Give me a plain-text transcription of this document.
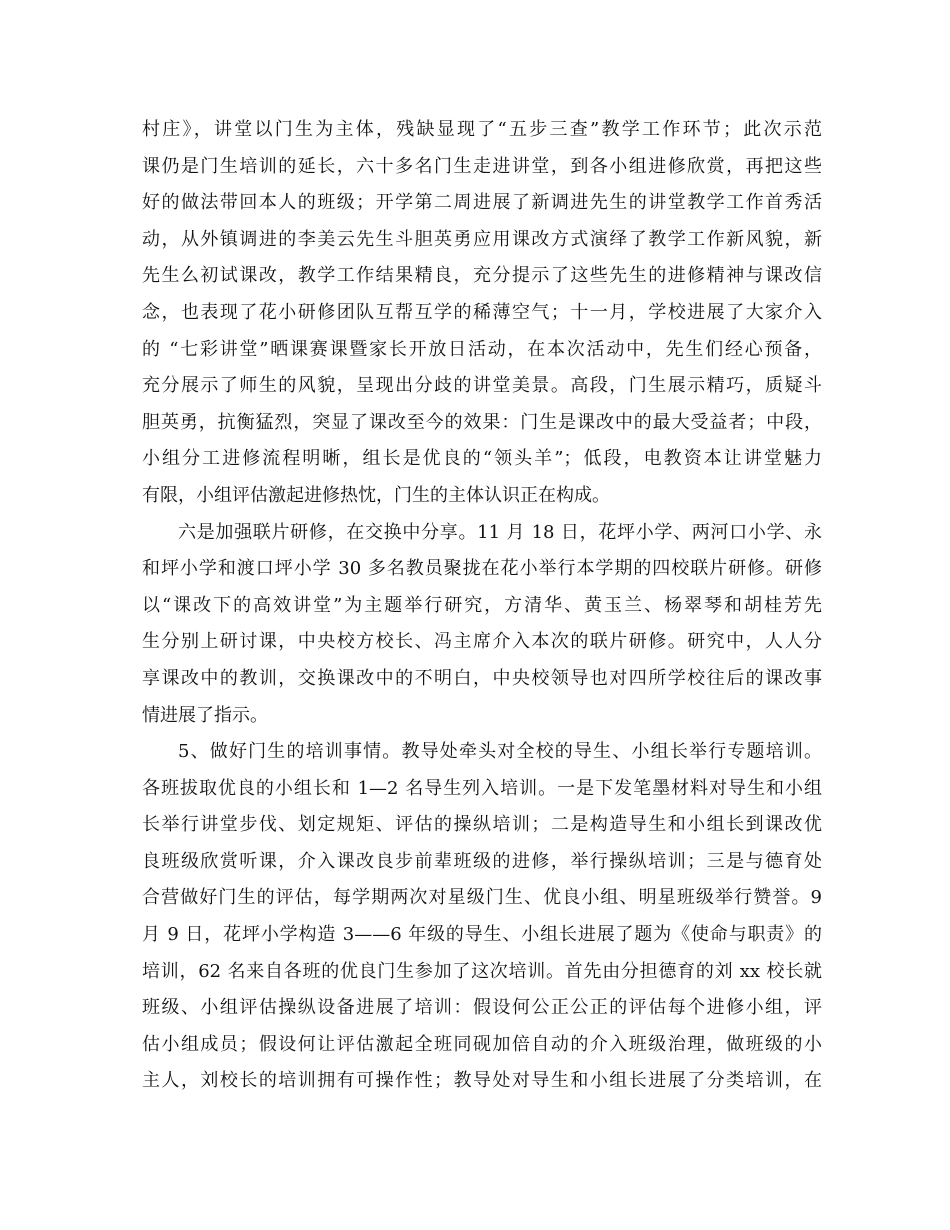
村庄》，讲堂以门生为主体，残缺显现了“五步三查”教学工作环节；此次示范
课仍是门生培训的延长，六十多名门生走进讲堂，到各小组进修欣赏，再把这些
好的做法带回本人的班级；开学第二周进展了新调进先生的讲堂教学工作首秀活
动，从外镇调进的李美云先生斗胆英勇应用课改方式演绎了教学工作新风貌，新
先生么初试课改，教学工作结果精良，充分提示了这些先生的进修精神与课改信
念，也表现了花小研修团队互帮互学的稀薄空气；十一月，学校进展了大家介入
的 “七彩讲堂”晒课赛课暨家长开放日活动，在本次活动中，先生们经心预备，
充分展示了师生的风貌，呈现出分歧的讲堂美景。高段，门生展示精巧，质疑斗
胆英勇，抗衡猛烈，突显了课改至今的效果：门生是课改中的最大受益者；中段，
小组分工进修流程明晰，组长是优良的“领头羊”；低段，电教资本让讲堂魅力
有限，小组评估激起进修热忱，门生的主体认识正在构成。
六是加强联片研修，在交换中分享。11 月 18 日，花坪小学、两河口小学、永
和坪小学和渡口坪小学 30 多名教员聚拢在花小举行本学期的四校联片研修。研修
以“课改下的高效讲堂”为主题举行研究，方清华、黄玉兰、杨翠琴和胡桂芳先
生分别上研讨课，中央校方校长、冯主席介入本次的联片研修。研究中，人人分
享课改中的教训，交换课改中的不明白，中央校领导也对四所学校往后的课改事
情进展了指示。
5、做好门生的培训事情。教导处牵头对全校的导生、小组长举行专题培训。
各班拔取优良的小组长和 1—2 名导生列入培训。一是下发笔墨材料对导生和小组
长举行讲堂步伐、划定规矩、评估的操纵培训；二是构造导生和小组长到课改优
良班级欣赏听课，介入课改良步前辈班级的进修，举行操纵培训；三是与德育处
合营做好门生的评估，每学期两次对星级门生、优良小组、明星班级举行赞誉。9
月 9 日，花坪小学构造 3——6 年级的导生、小组长进展了题为《使命与职责》的
培训，62 名来自各班的优良门生参加了这次培训。首先由分担德育的刘 xx 校长就
班级、小组评估操纵设备进展了培训：假设何公正公正的评估每个进修小组，评
估小组成员；假设何让评估激起全班同砚加倍自动的介入班级治理，做班级的小
主人，刘校长的培训拥有可操作性；教导处对导生和小组长进展了分类培训，在
